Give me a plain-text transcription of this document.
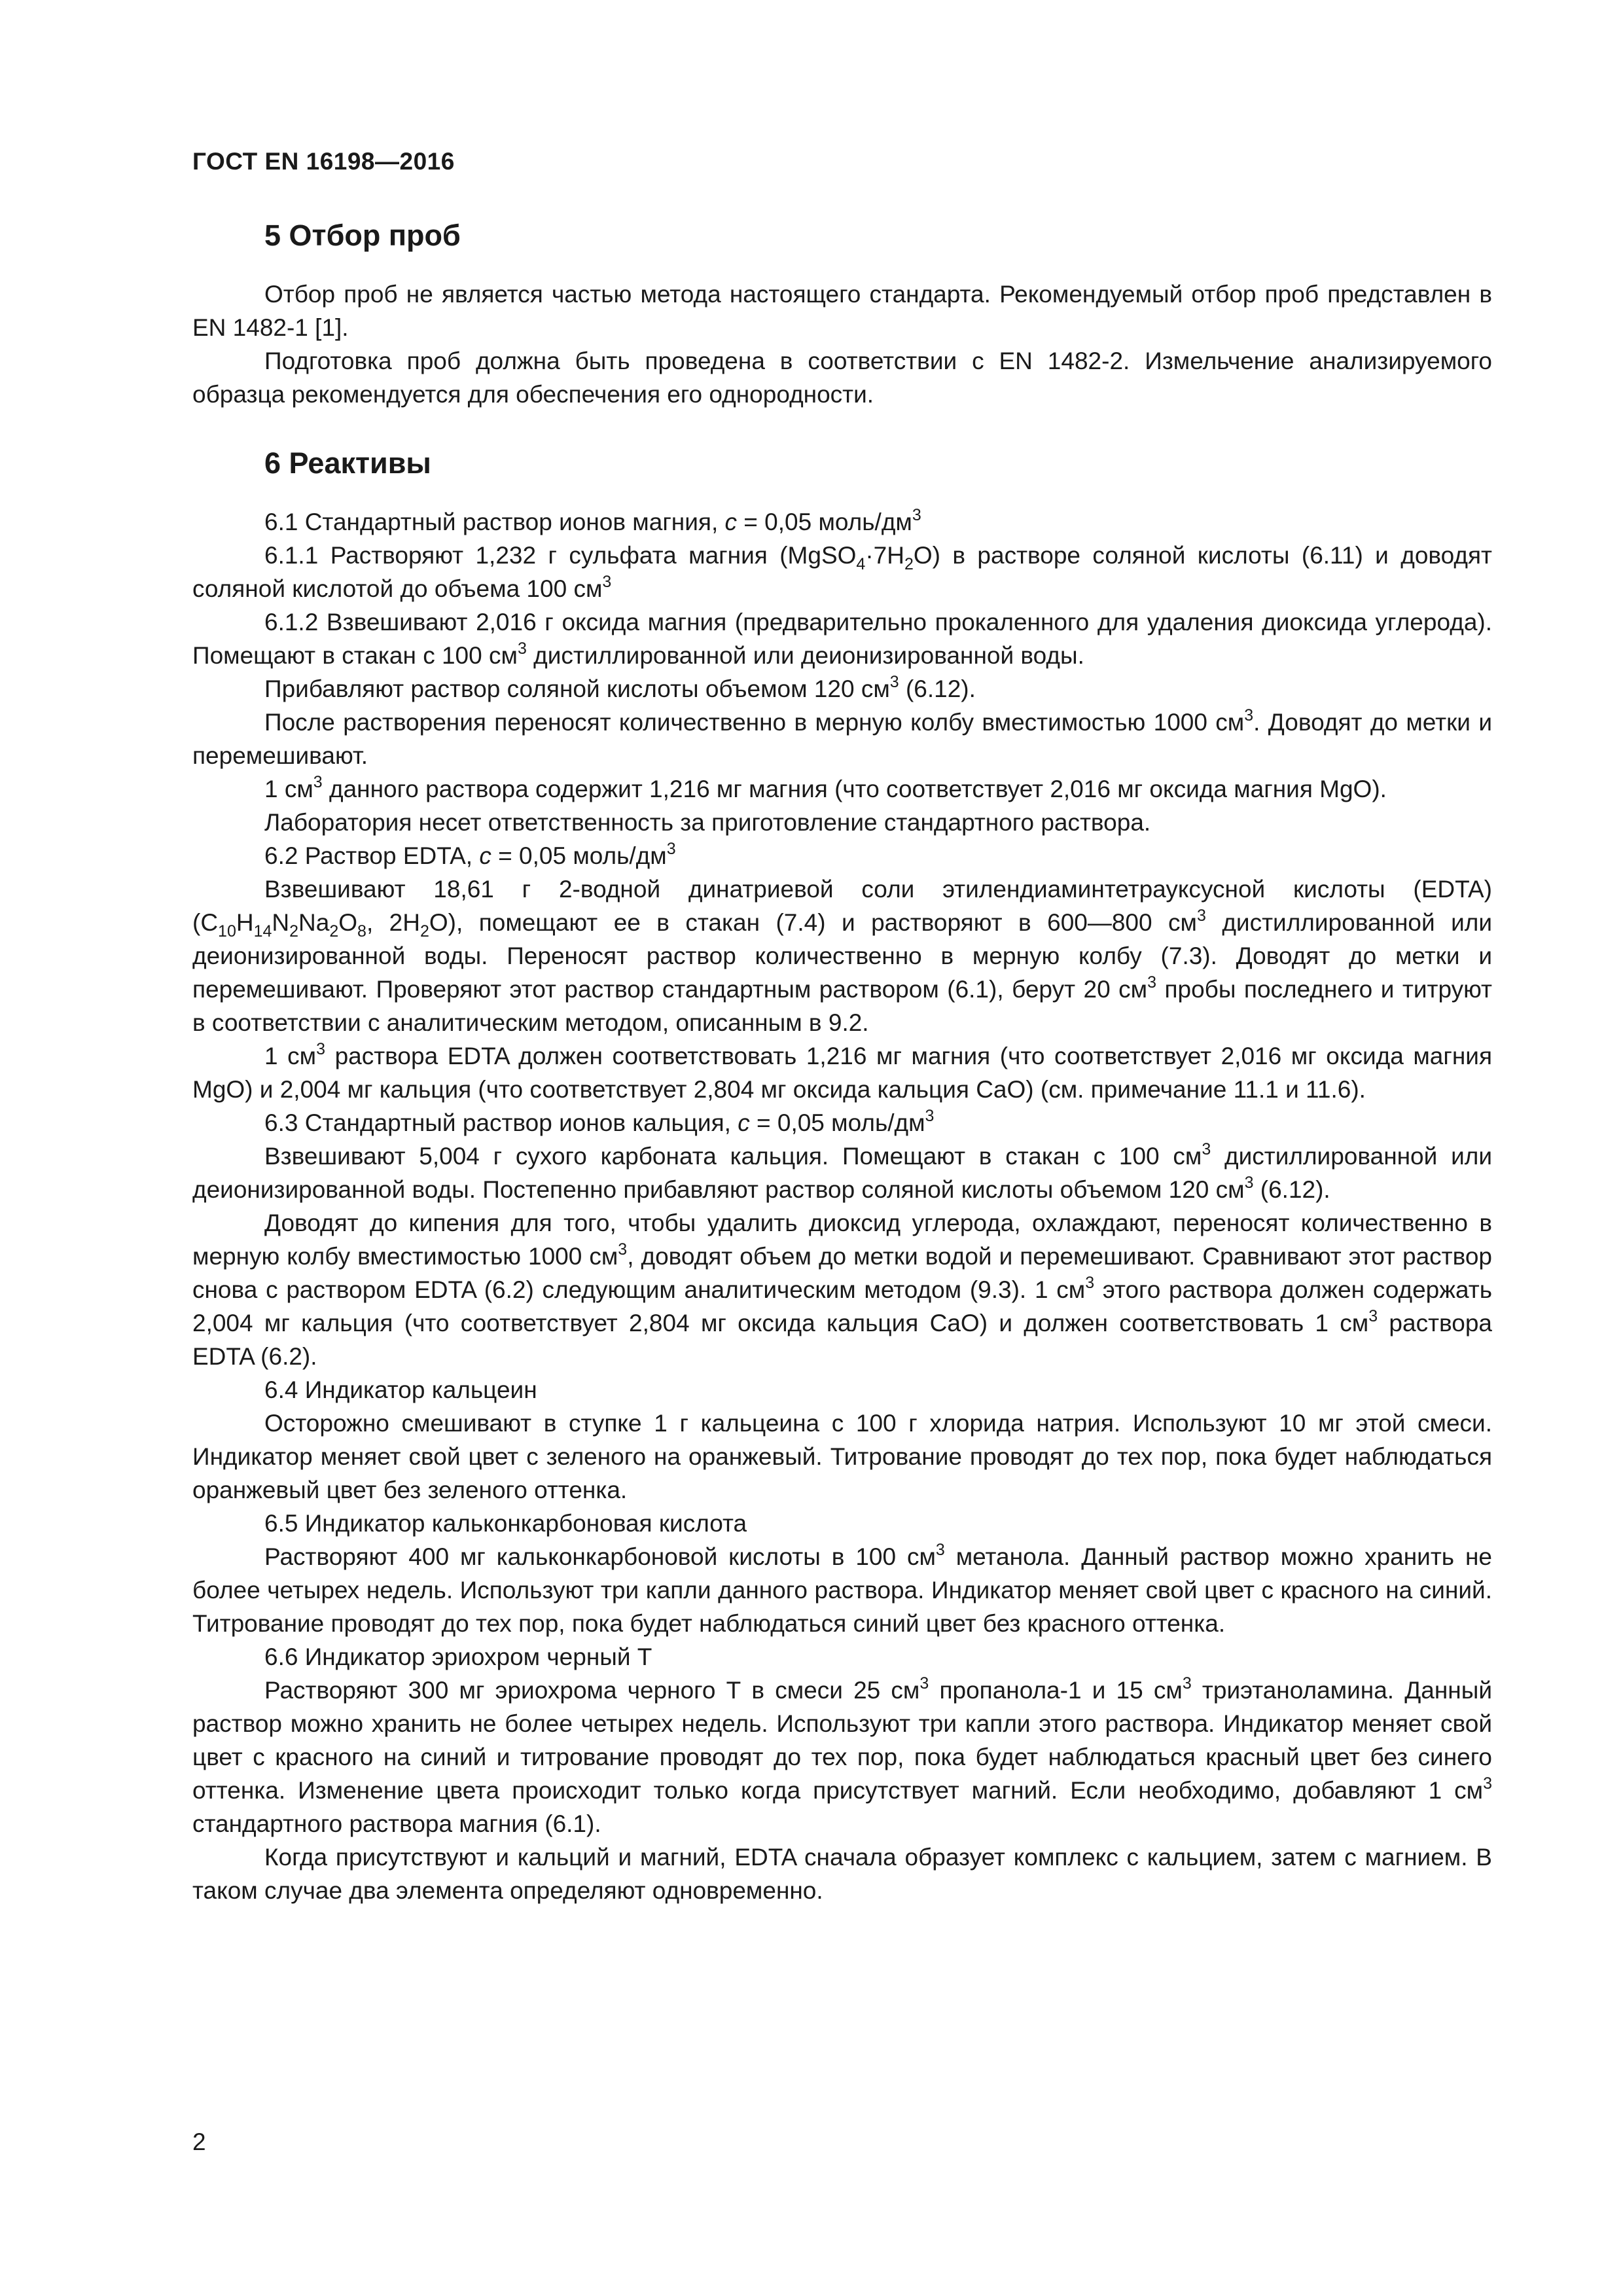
ГОСТ EN 16198—2016
5 Отбор проб

Отбор проб не является частью метода настоящего стандарта. Рекомендуемый отбор проб представлен в EN 1482-1 [1].

Подготовка проб должна быть проведена в соответствии с EN 1482-2. Измельчение анализируемого образца рекомендуется для обеспечения его однородности.

6 Реактивы

6.1 Стандартный раствор ионов магния, c = 0,05 моль/$дм^3$

6.1.1 Растворяют 1,232 г сульфата магния $(MgSO_4\cdot 7H_2O)$ в растворе соляной кислоты (6.11) и доводят соляной кислотой до объема 100 $см^3$

6.1.2 Взвешивают 2,016 г оксида магния (предварительно прокаленного для удаления диоксида углерода). Помещают в стакан с 100 $см^3$ дистиллированной или деионизированной воды.

Прибавляют раствор соляной кислоты объемом 120 $см^3$ (6.12).

После растворения переносят количественно в мерную колбу вместимостью 1000 $см^3$. Доводят до метки и перемешивают.

1 $см^3$ данного раствора содержит 1,216 мг магния (что соответствует 2,016 мг оксида магния MgO).

Лаборатория несет ответственность за приготовление стандартного раствора.

6.2 Раствор EDTA, c = 0,05 моль/$дм^3$

Взвешивают 18,61 г 2-водной динатриевой соли этилендиаминтетрауксусной кислоты (EDTA) ($C_{10}H_{14}N_2Na_2O_8$, $2H_2O$), помещают ее в стакан (7.4) и растворяют в 600—800 $см^3$ дистиллированной или деионизированной воды. Переносят раствор количественно в мерную колбу (7.3). Доводят до метки и перемешивают. Проверяют этот раствор стандартным раствором (6.1), берут 20 $см^3$ пробы последнего и титруют в соответствии с аналитическим методом, описанным в 9.2.

1 $см^3$ раствора EDTA должен соответствовать 1,216 мг магния (что соответствует 2,016 мг оксида магния MgO) и 2,004 мг кальция (что соответствует 2,804 мг оксида кальция CaO) (см. примечание 11.1 и 11.6).

6.3 Стандартный раствор ионов кальция, c = 0,05 моль/$дм^3$

Взвешивают 5,004 г сухого карбоната кальция. Помещают в стакан с 100 $см^3$ дистиллированной или деионизированной воды. Постепенно прибавляют раствор соляной кислоты объемом 120 $см^3$ (6.12).

Доводят до кипения для того, чтобы удалить диоксид углерода, охлаждают, переносят количественно в мерную колбу вместимостью 1000 $см^3$, доводят объем до метки водой и перемешивают. Сравнивают этот раствор снова с раствором EDTA (6.2) следующим аналитическим методом (9.3). 1 $см^3$ этого раствора должен содержать 2,004 мг кальция (что соответствует 2,804 мг оксида кальция CaO) и должен соответствовать 1 $см^3$ раствора EDTA (6.2).

6.4 Индикатор кальцеин

Осторожно смешивают в ступке 1 г кальцеина с 100 г хлорида натрия. Используют 10 мг этой смеси. Индикатор меняет свой цвет с зеленого на оранжевый. Титрование проводят до тех пор, пока будет наблюдаться оранжевый цвет без зеленого оттенка.

6.5 Индикатор кальконкарбоновая кислота

Растворяют 400 мг кальконкарбоновой кислоты в 100 $см^3$ метанола. Данный раствор можно хранить не более четырех недель. Используют три капли данного раствора. Индикатор меняет свой цвет с красного на синий. Титрование проводят до тех пор, пока будет наблюдаться синий цвет без красного оттенка.

6.6 Индикатор эриохром черный Т

Растворяют 300 мг эриохрома черного Т в смеси 25 $см^3$ пропанола-1 и 15 $см^3$ триэтаноламина. Данный раствор можно хранить не более четырех недель. Используют три капли этого раствора. Индикатор меняет свой цвет с красного на синий и титрование проводят до тех пор, пока будет наблюдаться красный цвет без синего оттенка. Изменение цвета происходит только когда присутствует магний. Если необходимо, добавляют 1 $см^3$ стандартного раствора магния (6.1).

Когда присутствуют и кальций и магний, EDTA сначала образует комплекс с кальцием, затем с магнием. В таком случае два элемента определяют одновременно.

2
